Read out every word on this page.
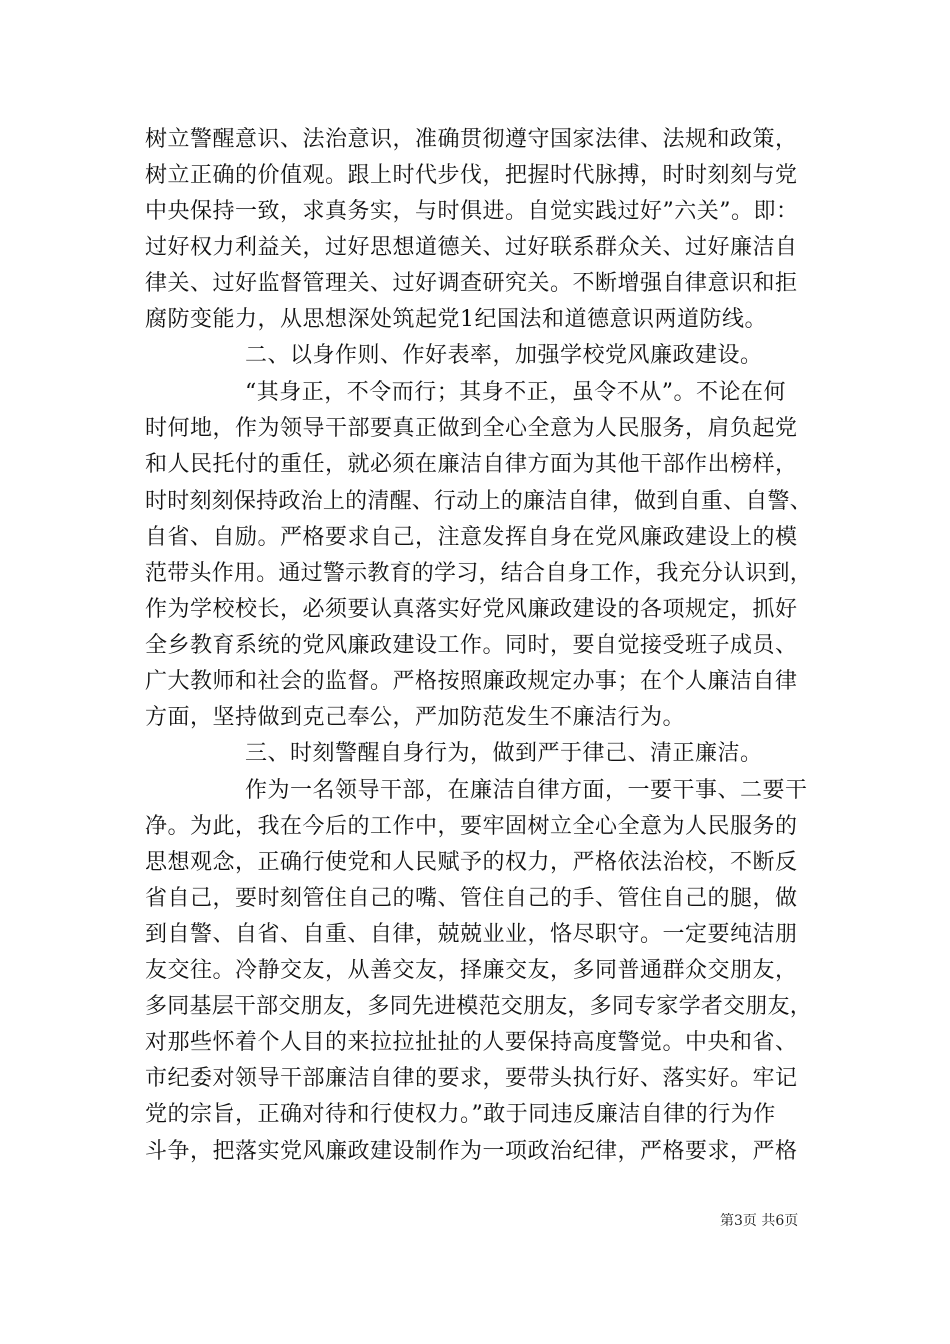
树立警醒意识、法治意识，准确贯彻遵守国家法律、法规和政策，
树立正确的价值观。跟上时代步伐，把握时代脉搏，时时刻刻与党
中央保持一致，求真务实，与时俱进。自觉实践过好”六关”。即：
过好权力利益关，过好思想道德关、过好联系群众关、过好廉洁自
律关、过好监督管理关、过好调查研究关。不断增强自律意识和拒
腐防变能力，从思想深处筑起党1纪国法和道德意识两道防线。
二、以身作则、作好表率，加强学校党风廉政建设。
“其身正，不令而行；其身不正，虽令不从”。不论在何
时何地，作为领导干部要真正做到全心全意为人民服务，肩负起党
和人民托付的重任，就必须在廉洁自律方面为其他干部作出榜样，
时时刻刻保持政治上的清醒、行动上的廉洁自律，做到自重、自警、
自省、自励。严格要求自己，注意发挥自身在党风廉政建设上的模
范带头作用。通过警示教育的学习，结合自身工作，我充分认识到，
作为学校校长，必须要认真落实好党风廉政建设的各项规定，抓好
全乡教育系统的党风廉政建设工作。同时，要自觉接受班子成员、
广大教师和社会的监督。严格按照廉政规定办事；在个人廉洁自律
方面，坚持做到克己奉公，严加防范发生不廉洁行为。
三、时刻警醒自身行为，做到严于律己、清正廉洁。
作为一名领导干部，在廉洁自律方面，一要干事、二要干
净。为此，我在今后的工作中，要牢固树立全心全意为人民服务的
思想观念，正确行使党和人民赋予的权力，严格依法治校，不断反
省自己，要时刻管住自己的嘴、管住自己的手、管住自己的腿，做
到自警、自省、自重、自律，兢兢业业，恪尽职守。一定要纯洁朋
友交往。冷静交友，从善交友，择廉交友，多同普通群众交朋友，
多同基层干部交朋友，多同先进模范交朋友，多同专家学者交朋友，
对那些怀着个人目的来拉拉扯扯的人要保持高度警觉。中央和省、
市纪委对领导干部廉洁自律的要求，要带头执行好、落实好。牢记
党的宗旨，正确对待和行使权力。”敢于同违反廉洁自律的行为作
斗争，把落实党风廉政建设制作为一项政治纪律，严格要求，严格
第3页 共6页
